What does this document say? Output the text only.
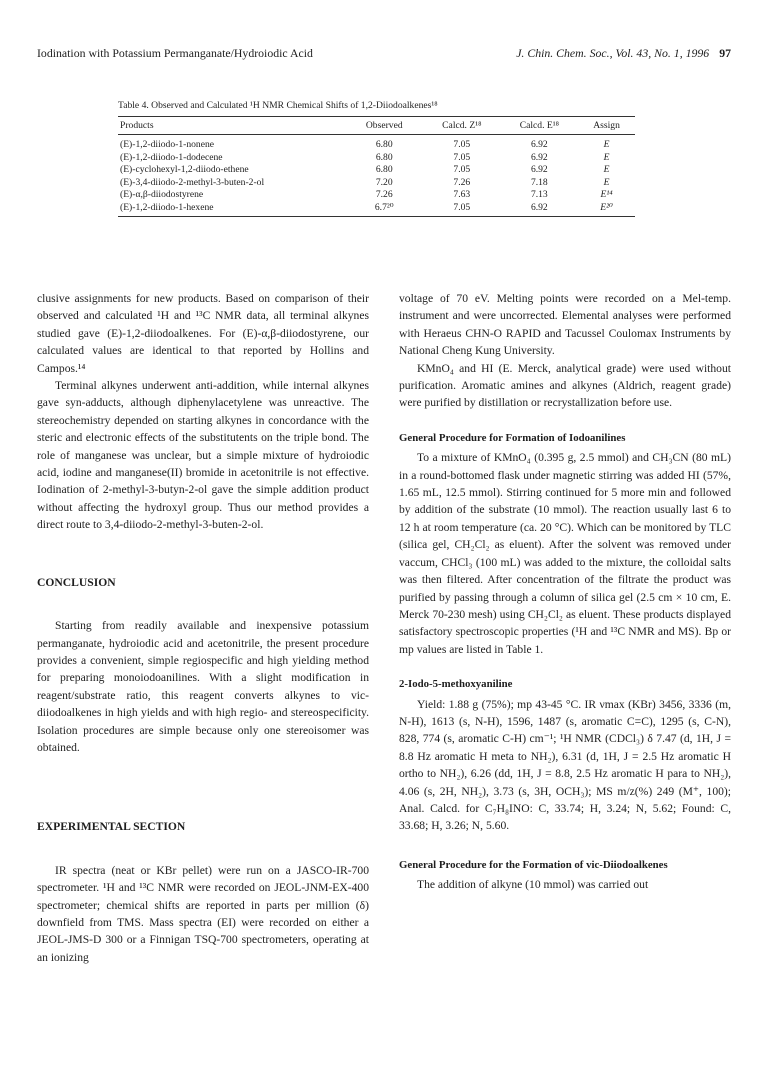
Iodination with Potassium Permanganate/Hydroiodic Acid	J. Chin. Chem. Soc., Vol. 43, No. 1, 1996 97
Table 4. Observed and Calculated ¹H NMR Chemical Shifts of 1,2-Diiodoalkenes¹⁸

Products	Observed	Calcd. Z¹⁸	Calcd. E¹⁸	Assign
(E)-1,2-diiodo-1-nonene	6.80	7.05	6.92	E
(E)-1,2-diiodo-1-dodecene	6.80	7.05	6.92	E
(E)-cyclohexyl-1,2-diiodo-ethene	6.80	7.05	6.92	E
(E)-3,4-diiodo-2-methyl-3-buten-2-ol	7.20	7.26	7.18	E
(E)-α,β-diiodostyrene	7.26	7.63	7.13	E¹⁴
(E)-1,2-diiodo-1-hexene	6.7²⁰	7.05	6.92	E²⁰

clusive assignments for new products. Based on comparison of their observed and calculated ¹H and ¹³C NMR data, all terminal alkynes studied gave (E)-1,2-diiodoalkenes. For (E)-α,β-diiodostyrene, our calculated values are identical to that reported by Hollins and Campos.¹⁴

Terminal alkynes underwent anti-addition, while internal alkynes gave syn-adducts, although diphenylacetylene was unreactive. The stereochemistry depended on starting alkynes in concordance with the steric and electronic effects of the substitutents on the triple bond. The role of manganese was unclear, but a simple mixture of hydroiodic acid, iodine and manganese(II) bromide in acetonitrile is not effective. Iodination of 2-methyl-3-butyn-2-ol gave the simple addition product without affecting the hydroxyl group. Thus our method provides a direct route to 3,4-diiodo-2-methyl-3-buten-2-ol.

CONCLUSION

Starting from readily available and inexpensive potassium permanganate, hydroiodic acid and acetonitrile, the present procedure provides a convenient, simple regiospecific and high yielding method for preparing monoiodoanilines. With a slight modification in reagent/substrate ratio, this reagent converts alkynes to vic-diiodoalkenes in high yields and with high regio- and stereospecificity. Isolation procedures are simple because only one stereoisomer was obtained.

EXPERIMENTAL SECTION

IR spectra (neat or KBr pellet) were run on a JASCO-IR-700 spectrometer. ¹H and ¹³C NMR were recorded on JEOL-JNM-EX-400 spectrometer; chemical shifts are reported in parts per million (δ) downfield from TMS. Mass spectra (EI) were recorded on either a JEOL-JMS-D 300 or a Finnigan TSQ-700 spectrometers, operating at an ionizing

voltage of 70 eV. Melting points were recorded on a Mel-temp. instrument and were uncorrected. Elemental analyses were performed with Heraeus CHN-O RAPID and Tacussel Coulomax Instruments by National Cheng Kung University.

KMnO₄ and HI (E. Merck, analytical grade) were used without purification. Aromatic amines and alkynes (Aldrich, reagent grade) were purified by distillation or recrystallization before use.

General Procedure for Formation of Iodoanilines

To a mixture of KMnO₄ (0.395 g, 2.5 mmol) and CH₃CN (80 mL) in a round-bottomed flask under magnetic stirring was added HI (57%, 1.65 mL, 12.5 mmol). Stirring continued for 5 more min and followed by addition of the substrate (10 mmol). The reaction usually last 6 to 12 h at room temperature (ca. 20 °C). Which can be monitored by TLC (silica gel, CH₂Cl₂ as eluent). After the solvent was removed under vaccum, CHCl₃ (100 mL) was added to the mixture, the colloidal salts was then filtered. After concentration of the filtrate the product was purified by passing through a column of silica gel (2.5 cm × 10 cm, E. Merck 70-230 mesh) using CH₂Cl₂ as eluent. These products displayed satisfactory spectroscopic properties (¹H and ¹³C NMR and MS). Bp or mp values are listed in Table 1.

2-Iodo-5-methoxyaniline

Yield: 1.88 g (75%); mp 43-45 °C. IR νmax (KBr) 3456, 3336 (m, N-H), 1613 (s, N-H), 1596, 1487 (s, aromatic C=C), 1295 (s, C-N), 828, 774 (s, aromatic C-H) cm⁻¹; ¹H NMR (CDCl₃) δ 7.47 (d, 1H, J = 8.8 Hz aromatic H meta to NH₂), 6.31 (d, 1H, J = 2.5 Hz aromatic H ortho to NH₂), 6.26 (dd, 1H, J = 8.8, 2.5 Hz aromatic H para to NH₂), 4.06 (s, 2H, NH₂), 3.73 (s, 3H, OCH₃); MS m/z(%) 249 (M⁺, 100); Anal. Calcd. for C₇H₈INO: C, 33.74; H, 3.24; N, 5.62; Found: C, 33.68; H, 3.26; N, 5.60.

General Procedure for the Formation of vic-Diiodoalkenes

The addition of alkyne (10 mmol) was carried out
